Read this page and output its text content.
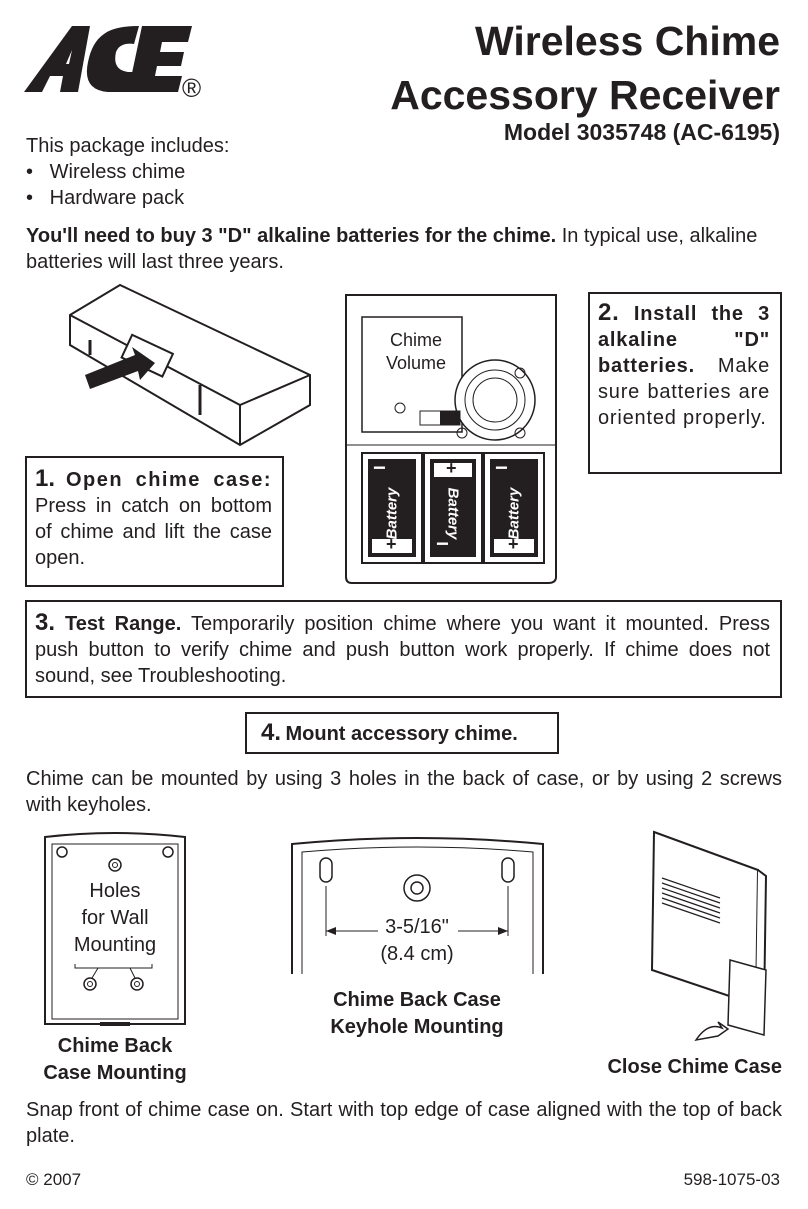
®
Wireless Chime
Accessory Receiver
Model 3035748 (AC-6195)
This package includes:
•   Wireless chime
•   Hardware pack
You'll need to buy 3 "D" alkaline batteries for the chime. In typical use, alkaline batteries will last three years.
1. Open chime case: Press in catch on bottom of chime and lift the case open.
Chime
Volume
Battery	Battery	Battery
+
+
+
−
−
−
2. Install the 3 alkaline "D" batteries. Make sure batteries are oriented properly.
3. Test Range. Temporarily position chime where you want it mounted. Press push button to verify chime and push button work properly. If chime does not sound, see Troubleshooting.
4. Mount accessory chime.
Chime can be mounted by using 3 holes in the back of case, or by using 2 screws with keyholes.
Holes
for Wall
Mounting
Chime Back
Case Mounting
3-5/16"
(8.4 cm)
Chime Back Case
Keyhole Mounting
Close Chime Case
Snap front of chime case on. Start with top edge of case aligned with the top of back plate.
© 2007	598-1075-03
